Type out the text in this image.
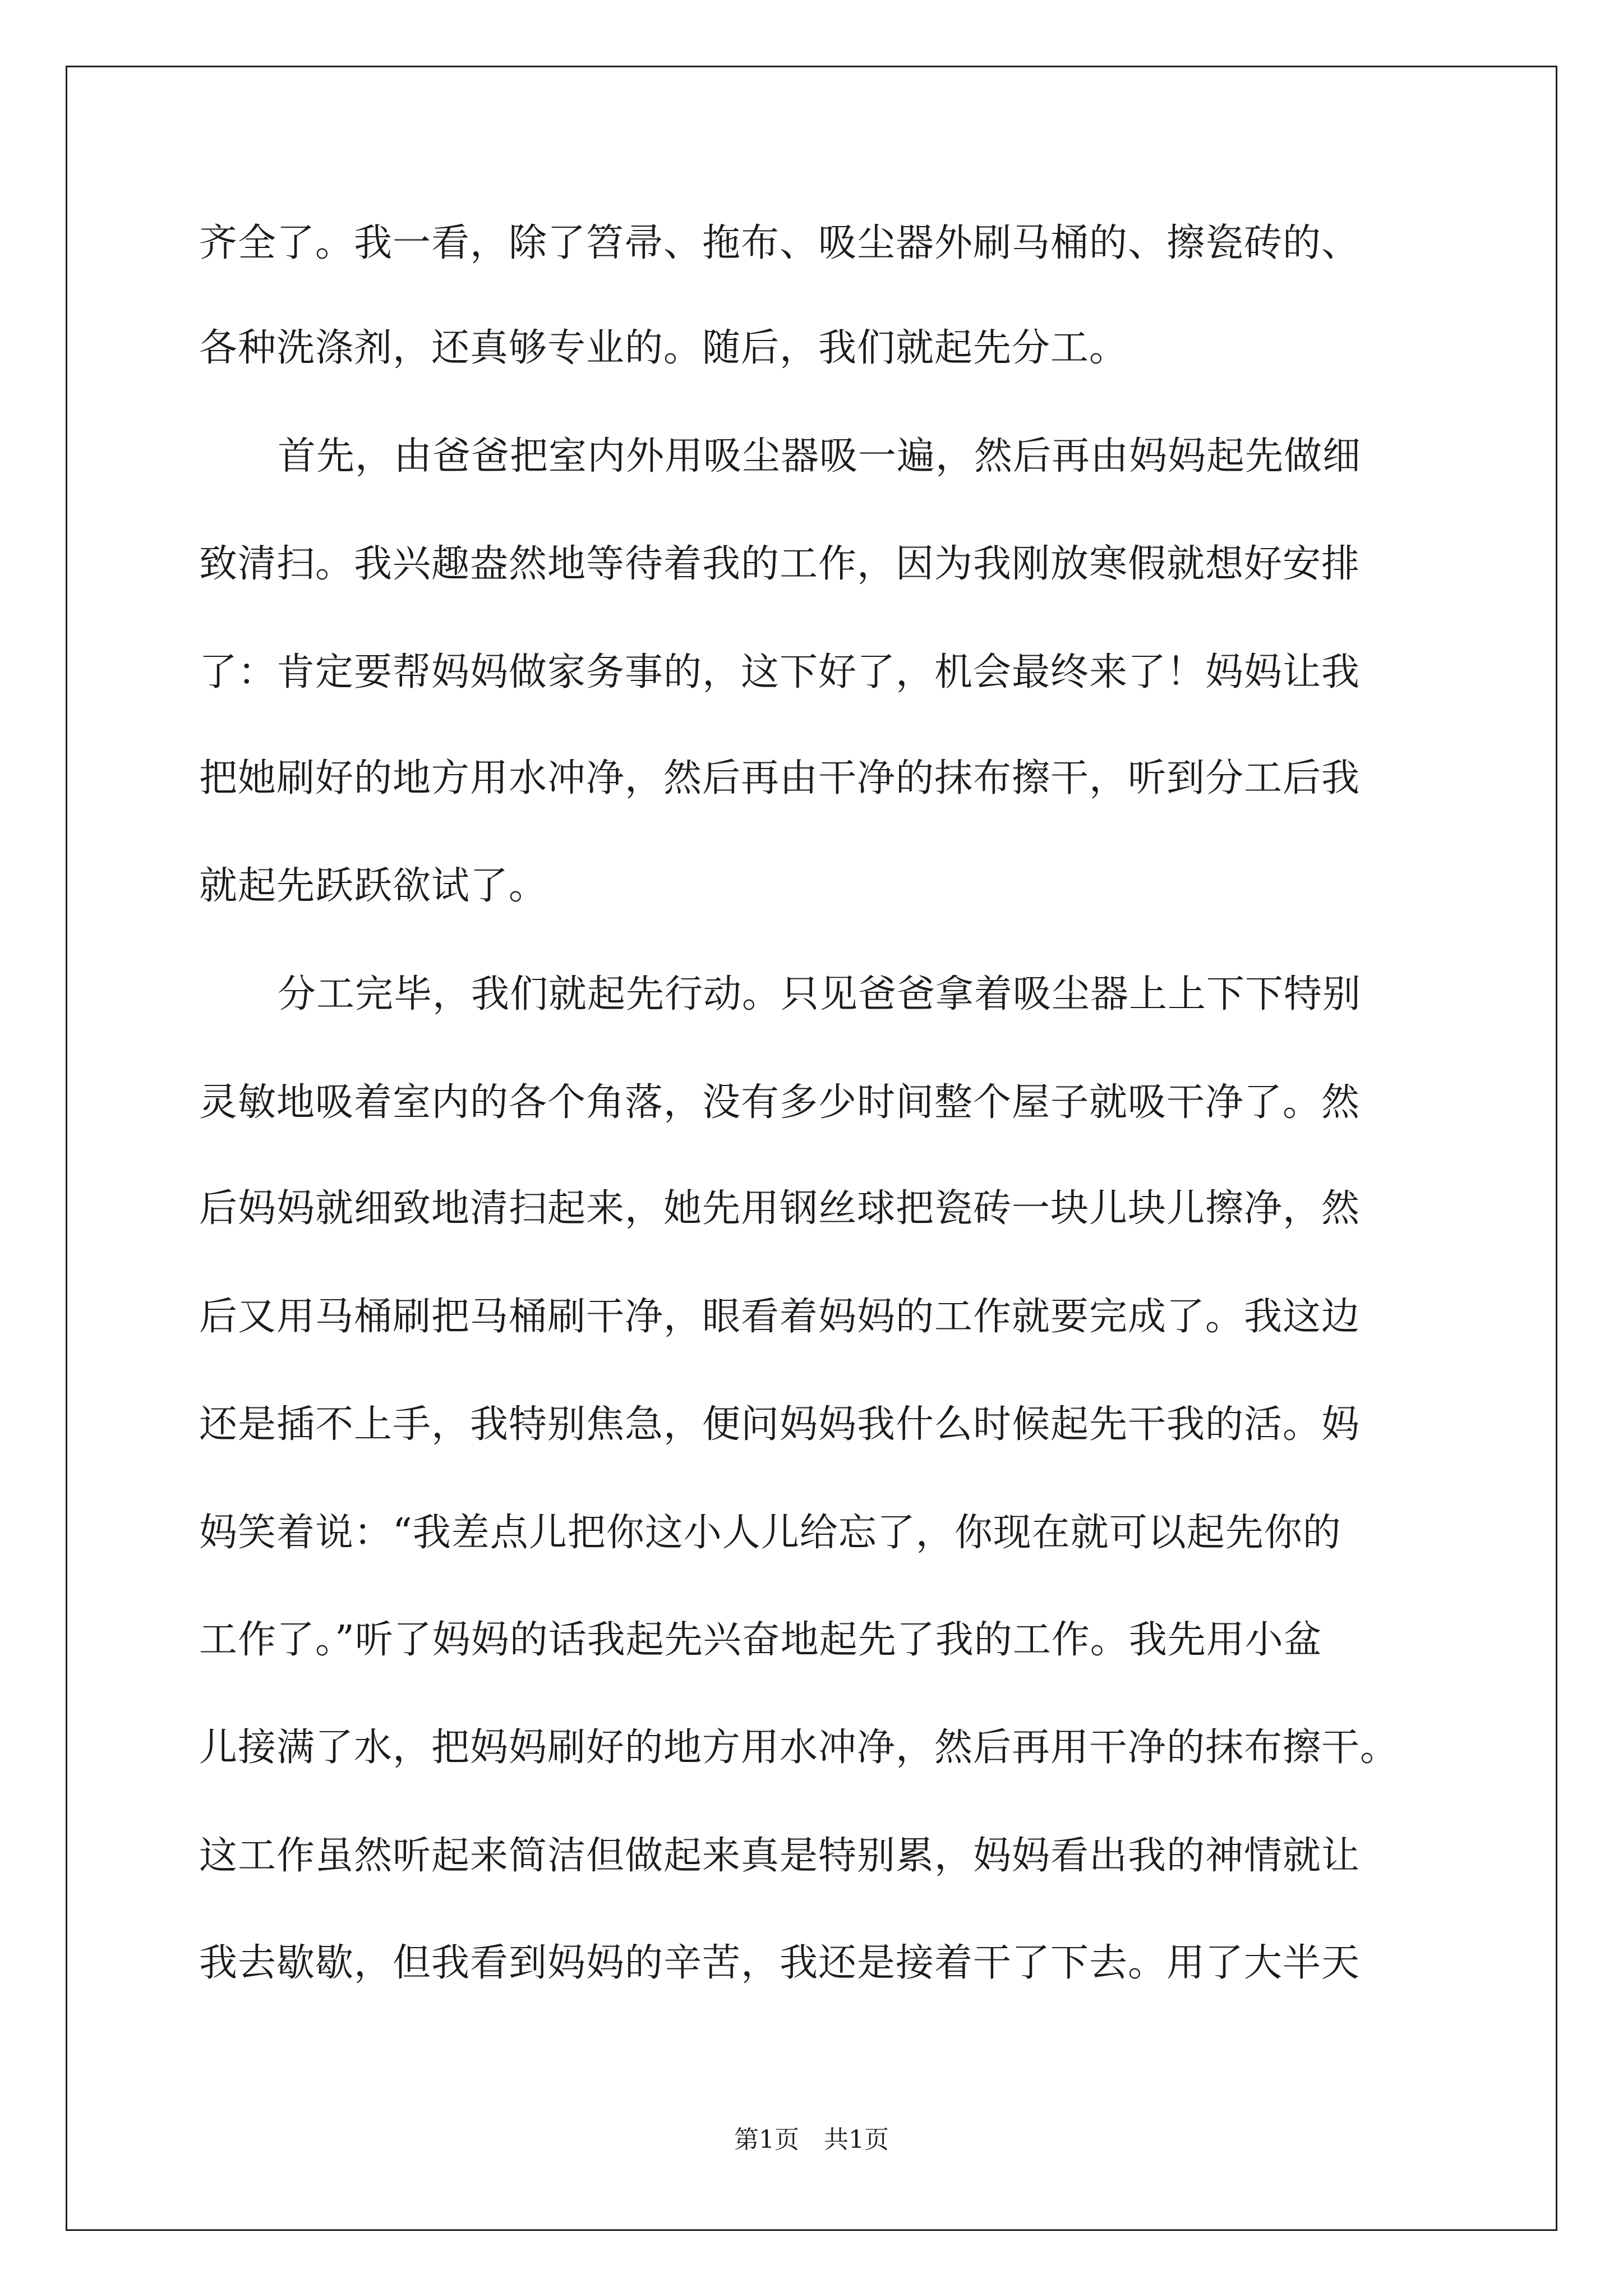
齐全了。我一看，除了笤帚、拖布、吸尘器外刷马桶的、擦瓷砖的、
各种洗涤剂，还真够专业的。随后，我们就起先分工。
首先，由爸爸把室内外用吸尘器吸一遍，然后再由妈妈起先做细
致清扫。我兴趣盎然地等待着我的工作，因为我刚放寒假就想好安排
了：肯定要帮妈妈做家务事的，这下好了，机会最终来了！妈妈让我
把她刷好的地方用水冲净，然后再由干净的抹布擦干，听到分工后我
就起先跃跃欲试了。
分工完毕，我们就起先行动。只见爸爸拿着吸尘器上上下下特别
灵敏地吸着室内的各个角落，没有多少时间整个屋子就吸干净了。然
后妈妈就细致地清扫起来，她先用钢丝球把瓷砖一块儿块儿擦净，然
后又用马桶刷把马桶刷干净，眼看着妈妈的工作就要完成了。我这边
还是插不上手，我特别焦急，便问妈妈我什么时候起先干我的活。妈
妈笑着说：“我差点儿把你这小人儿给忘了，你现在就可以起先你的
工作了。”听了妈妈的话我起先兴奋地起先了我的工作。我先用小盆
儿接满了水，把妈妈刷好的地方用水冲净，然后再用干净的抹布擦干。
这工作虽然听起来简洁但做起来真是特别累，妈妈看出我的神情就让
我去歇歇，但我看到妈妈的辛苦，我还是接着干了下去。用了大半天
第1页　共1页
